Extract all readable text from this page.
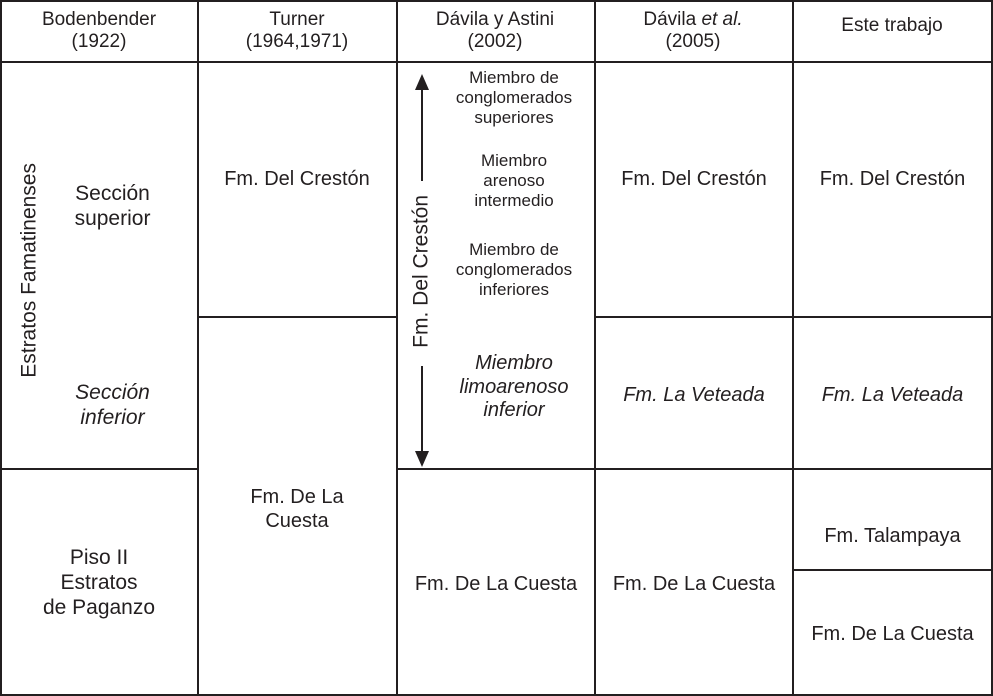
Bodenbender
(1922)
Turner
(1964,1971)
Dávila y Astini
(2002)
Dávila et al.
(2005)
Este trabajo
Estratos Famatinenses	Sección
superior
Sección
inferior
Piso II
Estratos
de Paganzo
Fm. Del Crestón
Fm. De La
Cuesta
Fm. Del Crestón
Miembro de
conglomerados
superiores
Miembro
arenoso
intermedio
Miembro de
conglomerados
inferiores
Miembro
limoarenoso
inferior
Fm. De La Cuesta
Fm. Del Crestón
Fm. La Veteada
Fm. De La Cuesta
Fm. Del Crestón
Fm. La Veteada
Fm. Talampaya
Fm. De La Cuesta
